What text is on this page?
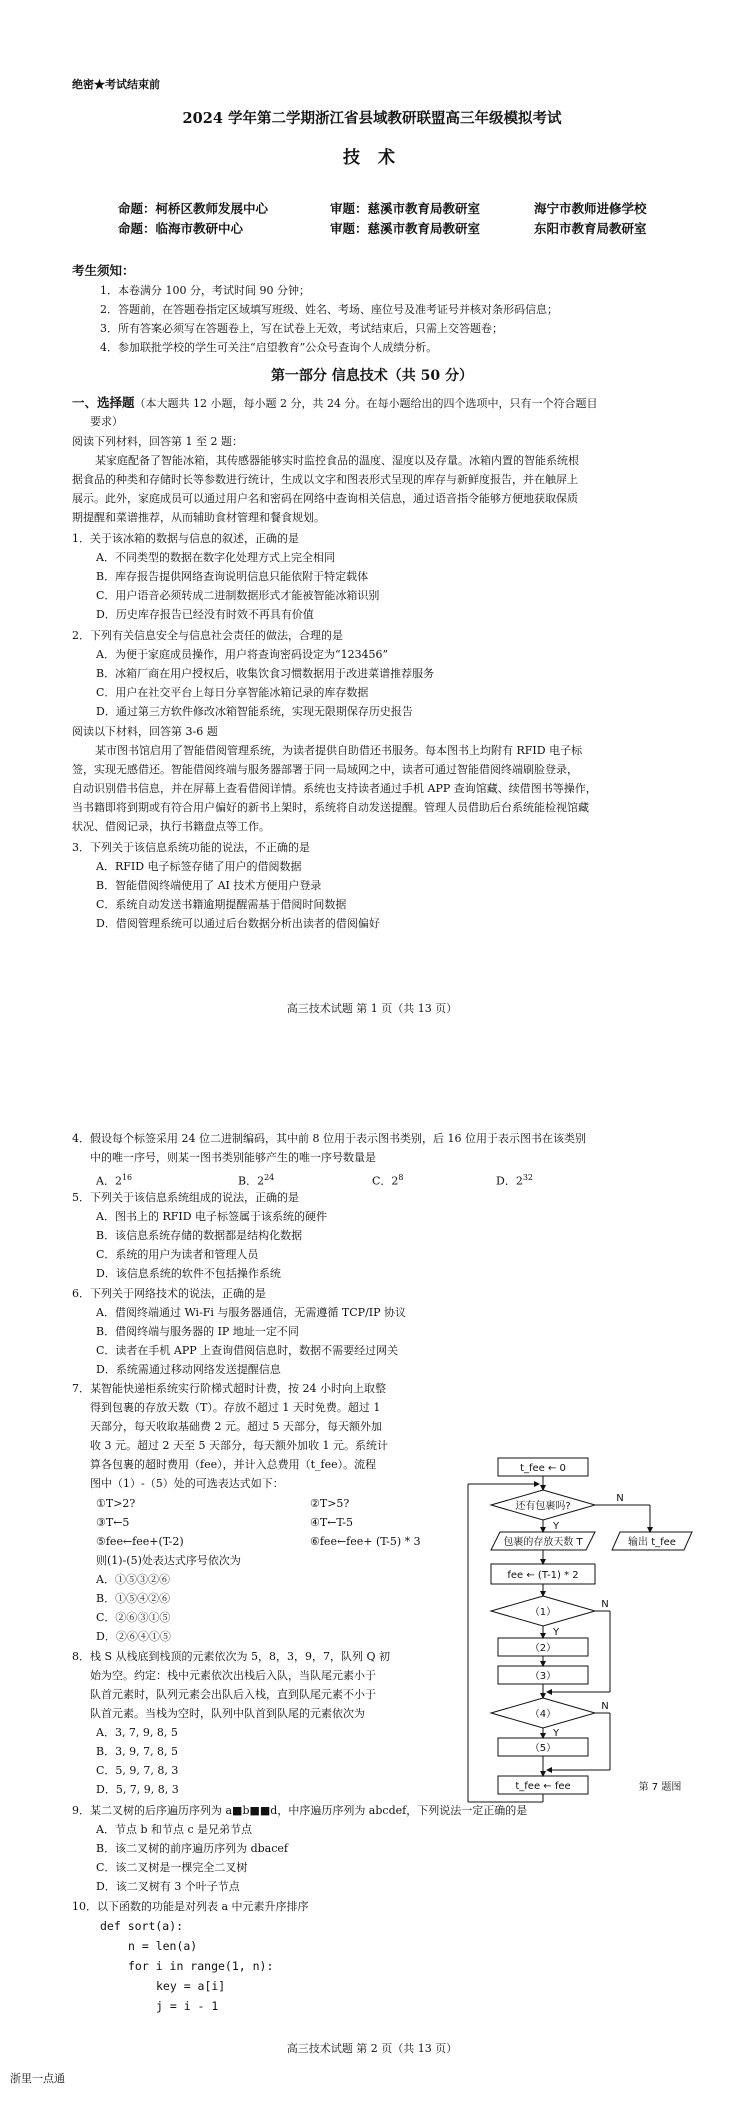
绝密★考试结束前
2024 学年第二学期浙江省县域教研联盟高三年级模拟考试
技 术
命题：柯桥区教师发展中心	审题：慈溪市教育局教研室	海宁市教师进修学校
命题：临海市教研中心	审题：慈溪市教育局教研室	东阳市教育局教研室
考生须知：
1．本卷满分 100 分，考试时间 90 分钟；
2．答题前，在答题卷指定区域填写班级、姓名、考场、座位号及准考证号并核对条形码信息；
3．所有答案必须写在答题卷上，写在试卷上无效，考试结束后，只需上交答题卷；
4．参加联批学校的学生可关注“启望教育”公众号查询个人成绩分析。
第一部分 信息技术（共 50 分）
一、选择题（本大题共 12 小题，每小题 2 分，共 24 分。在每小题给出的四个选项中，只有一个符合题目
要求）
阅读下列材料，回答第 1 至 2 题：
某家庭配备了智能冰箱，其传感器能够实时监控食品的温度、湿度以及存量。冰箱内置的智能系统根
据食品的种类和存储时长等参数进行统计，生成以文字和图表形式呈现的库存与新鲜度报告，并在触屏上
展示。此外，家庭成员可以通过用户名和密码在网络中查询相关信息，通过语音指令能够方便地获取保质
期提醒和菜谱推荐，从而辅助食材管理和餐食规划。
1．关于该冰箱的数据与信息的叙述，正确的是
A．不同类型的数据在数字化处理方式上完全相同
B．库存报告提供网络查询说明信息只能依附于特定载体
C．用户语音必须转成二进制数据形式才能被智能冰箱识别
D．历史库存报告已经没有时效不再具有价值
2．下列有关信息安全与信息社会责任的做法，合理的是
A．为便于家庭成员操作，用户将查询密码设定为“123456”
B．冰箱厂商在用户授权后，收集饮食习惯数据用于改进菜谱推荐服务
C．用户在社交平台上每日分享智能冰箱记录的库存数据
D．通过第三方软件修改冰箱智能系统，实现无限期保存历史报告
阅读以下材料，回答第 3-6 题
某市图书馆启用了智能借阅管理系统，为读者提供自助借还书服务。每本图书上均附有 RFID 电子标
签，实现无感借还。智能借阅终端与服务器部署于同一局域网之中，读者可通过智能借阅终端刷脸登录，
自动识别借书信息，并在屏幕上查看借阅详情。系统也支持读者通过手机 APP 查询馆藏、续借图书等操作，
当书籍即将到期或有符合用户偏好的新书上架时，系统将自动发送提醒。管理人员借助后台系统能检视馆藏
状况、借阅记录，执行书籍盘点等工作。
3．下列关于该信息系统功能的说法，不正确的是
A．RFID 电子标签存储了用户的借阅数据
B．智能借阅终端使用了 AI 技术方便用户登录
C．系统自动发送书籍逾期提醒需基于借阅时间数据
D．借阅管理系统可以通过后台数据分析出读者的借阅偏好
高三技术试题 第 1 页（共 13 页）
4．假设每个标签采用 24 位二进制编码，其中前 8 位用于表示图书类别，后 16 位用于表示图书在该类别
中的唯一序号，则某一图书类别能够产生的唯一序号数量是
A．$2^{16}$	B．$2^{24}$	C．$2^8$	D．$2^{32}$
5．下列关于该信息系统组成的说法，正确的是
A．图书上的 RFID 电子标签属于该系统的硬件
B．该信息系统存储的数据都是结构化数据
C．系统的用户为读者和管理人员
D．该信息系统的软件不包括操作系统
6．下列关于网络技术的说法，正确的是
A．借阅终端通过 Wi-Fi 与服务器通信，无需遵循 TCP/IP 协议
B．借阅终端与服务器的 IP 地址一定不同
C．读者在手机 APP 上查询借阅信息时，数据不需要经过网关
D．系统需通过移动网络发送提醒信息
7．某智能快递柜系统实行阶梯式超时计费，按 24 小时向上取整
得到包裹的存放天数（T）。存放不超过 1 天时免费。超过 1
天部分，每天收取基础费 2 元。超过 5 天部分，每天额外加
收 3 元。超过 2 天至 5 天部分，每天额外加收 1 元。系统计
算各包裹的超时费用（fee），并计入总费用（t_fee）。流程
图中（1）-（5）处的可选表达式如下：
①T>2?	②T>5?
③T←5	④T←T-5
⑤fee←fee+(T-2)	⑥fee←fee+ (T-5) * 3
则(1)-(5)处表达式序号依次为
A．①⑤③②⑥
B．①⑤④②⑥
C．②⑥③①⑤
D．②⑥④①⑤
t_fee ← 0
还有包裹吗?
Y
N
包裹的存放天数 T	输出 t_fee
fee ← (T-1) * 2
（1）
Y
N
（2）
（3）
（4）
Y
N
（5）
t_fee ← fee	第 7 题图
8．栈 S 从栈底到栈顶的元素依次为 5，8，3，9，7，队列 Q 初
始为空。约定：栈中元素依次出栈后入队，当队尾元素小于
队首元素时，队列元素会出队后入栈，直到队尾元素不小于
队首元素。当栈为空时，队列中队首到队尾的元素依次为
A．3, 7, 9, 8, 5
B．3, 9, 7, 8, 5
C．5, 9, 7, 8, 3
D．5, 7, 9, 8, 3
9．某二叉树的后序遍历序列为 a■b■■d，中序遍历序列为 abcdef，下列说法一定正确的是
A．节点 b 和节点 c 是兄弟节点
B．该二叉树的前序遍历序列为 dbacef
C．该二叉树是一棵完全二叉树
D．该二叉树有 3 个叶子节点
10．以下函数的功能是对列表 a 中元素升序排序
def sort(a):
n = len(a)
for i in range(1, n):
key = a[i]
j = i - 1
高三技术试题 第 2 页（共 13 页）
浙里一点通
